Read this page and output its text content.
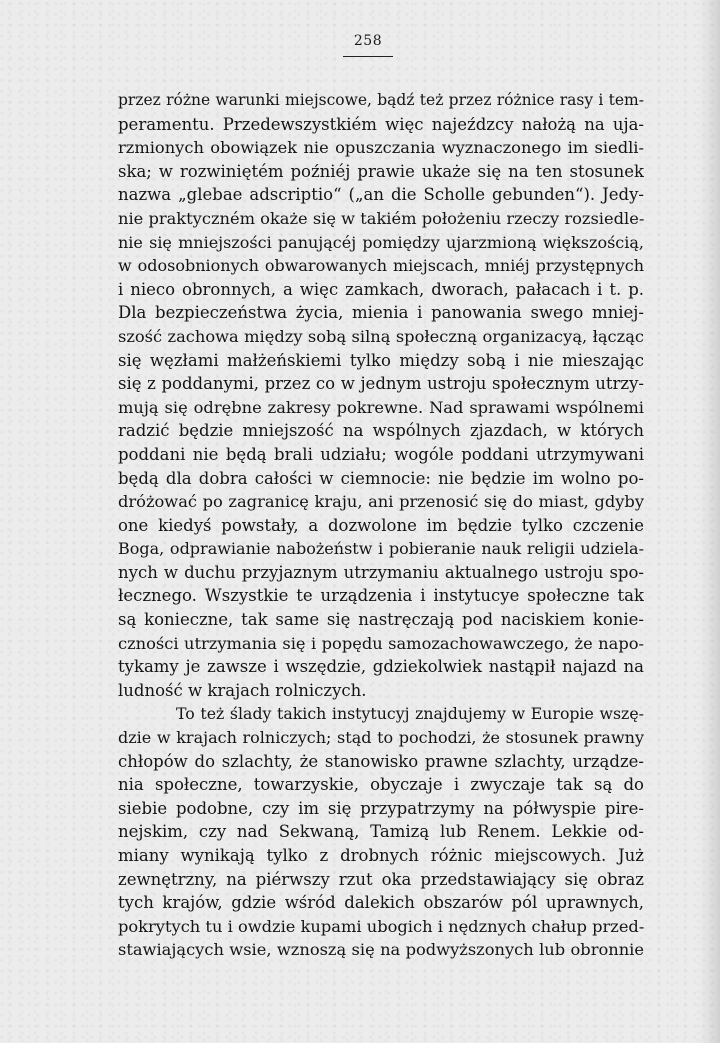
258
przez różne warunki miejscowe, bądź też przez różnice rasy i tem-
peramentu. Przedewszystkiém więc najeźdzcy nałożą na uja-
rzmionych obowiązek nie opuszczania wyznaczonego im siedli-
ska; w rozwiniętém poźniéj prawie ukaże się na ten stosunek
nazwa „glebae adscriptio“ („an die Scholle gebunden“). Jedy-
nie praktyczném okaże się w takiém położeniu rzeczy rozsiedle-
nie się mniejszości panującéj pomiędzy ujarzmioną większością,
w odosobnionych obwarowanych miejscach, mniéj przystępnych
i nieco obronnych, a więc zamkach, dworach, pałacach i t. p.
Dla bezpieczeństwa życia, mienia i panowania swego mniej-
szość zachowa między sobą silną społeczną organizacyą, łącząc
się węzłami małżeńskiemi tylko między sobą i nie mieszając
się z poddanymi, przez co w jednym ustroju społecznym utrzy-
mują się odrębne zakresy pokrewne. Nad sprawami wspólnemi
radzić będzie mniejszość na wspólnych zjazdach, w których
poddani nie będą brali udziału; wogóle poddani utrzymywani
będą dla dobra całości w ciemnocie: nie będzie im wolno po-
dróżować po zagranicę kraju, ani przenosić się do miast, gdyby
one kiedyś powstały, a dozwolone im będzie tylko czczenie
Boga, odprawianie nabożeństw i pobieranie nauk religii udziela-
nych w duchu przyjaznym utrzymaniu aktualnego ustroju spo-
łecznego. Wszystkie te urządzenia i instytucye społeczne tak
są konieczne, tak same się nastręczają pod naciskiem konie-
czności utrzymania się i popędu samozachowawczego, że napo-
tykamy je zawsze i wszędzie, gdziekolwiek nastąpił najazd na
ludność w krajach rolniczych.
To też ślady takich instytucyj znajdujemy w Europie wszę-
dzie w krajach rolniczych; stąd to pochodzi, że stosunek prawny
chłopów do szlachty, że stanowisko prawne szlachty, urządze-
nia społeczne, towarzyskie, obyczaje i zwyczaje tak są do
siebie podobne, czy im się przypatrzymy na półwyspie pire-
nejskim, czy nad Sekwaną, Tamizą lub Renem. Lekkie od-
miany wynikają tylko z drobnych różnic miejscowych. Już
zewnętrzny, na piérwszy rzut oka przedstawiający się obraz
tych krajów, gdzie wśród dalekich obszarów pól uprawnych,
pokrytych tu i owdzie kupami ubogich i nędznych chałup przed-
stawiających wsie, wznoszą się na podwyższonych lub obronnie
